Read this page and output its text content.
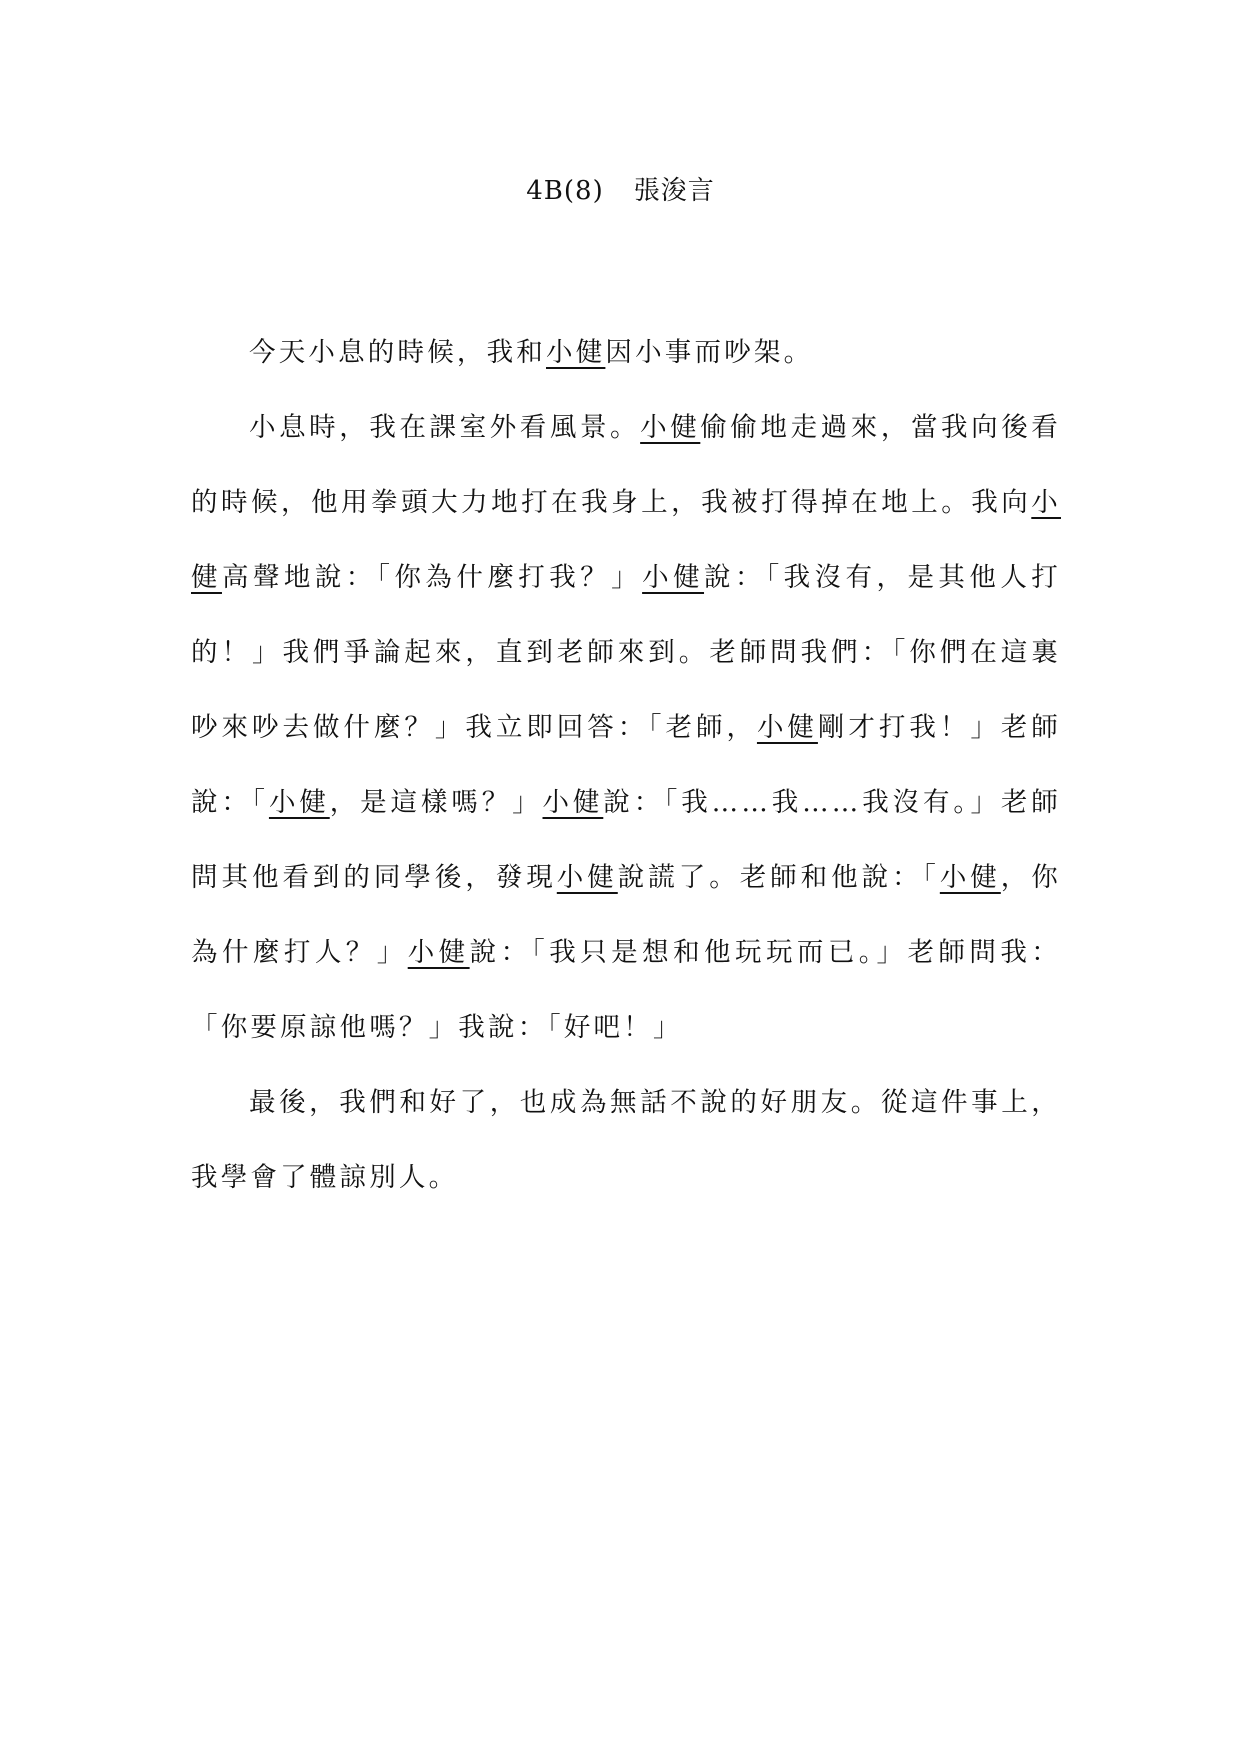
4B(8) 張浚言

今天小息的時候，我和小健因小事而吵架。

小息時，我在課室外看風景。小健偷偷地走過來，當我向後看的時候，他用拳頭大力地打在我身上，我被打得掉在地上。我向小健高聲地說：「你為什麼打我？」小健說：「我沒有，是其他人打的！」我們爭論起來，直到老師來到。老師問我們：「你們在這裏吵來吵去做什麼？」我立即回答：「老師，小健剛才打我！」老師說：「小健，是這樣嗎？」小健說：「我……我……我沒有。」老師問其他看到的同學後，發現小健說謊了。老師和他說：「小健，你為什麼打人？」小健說：「我只是想和他玩玩而已。」老師問我：「你要原諒他嗎？」我說：「好吧！」

最後，我們和好了，也成為無話不說的好朋友。從這件事上，我學會了體諒別人。
